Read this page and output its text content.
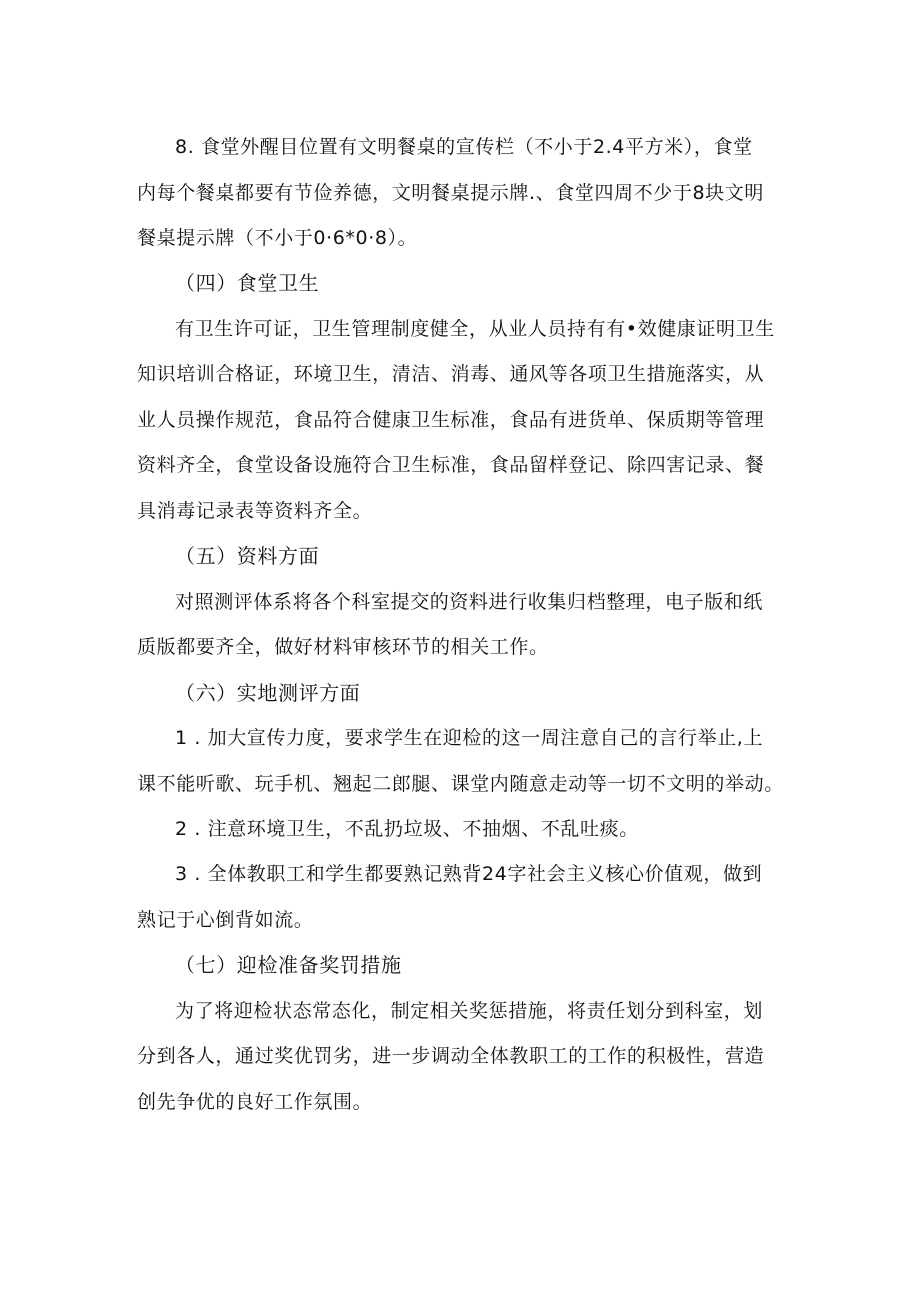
8. 食堂外醒目位置有文明餐桌的宣传栏（不小于2.4平方米），食堂
内每个餐桌都要有节俭养德，文明餐桌提示牌.、食堂四周不少于8块文明
餐桌提示牌（不小于0·6*0·8）。
（四）食堂卫生
有卫生许可证，卫生管理制度健全，从业人员持有有•效健康证明卫生
知识培训合格证，环境卫生，清洁、消毒、通风等各项卫生措施落实，从
业人员操作规范，食品符合健康卫生标准，食品有进货单、保质期等管理
资料齐全，食堂设备设施符合卫生标准，食品留样登记、除四害记录、餐
具消毒记录表等资料齐全。
（五）资料方面
对照测评体系将各个科室提交的资料进行收集归档整理，电子版和纸
质版都要齐全，做好材料审核环节的相关工作。
（六）实地测评方面
1 . 加大宣传力度，要求学生在迎检的这一周注意自己的言行举止,上
课不能听歌、玩手机、翘起二郎腿、课堂内随意走动等一切不文明的举动。
2 . 注意环境卫生，不乱扔垃圾、不抽烟、不乱吐痰。
3 . 全体教职工和学生都要熟记熟背24字社会主义核心价值观，做到
熟记于心倒背如流。
（七）迎检准备奖罚措施
为了将迎检状态常态化，制定相关奖惩措施，将责任划分到科室，划
分到各人，通过奖优罚劣，进一步调动全体教职工的工作的积极性，营造
创先争优的良好工作氛围。
